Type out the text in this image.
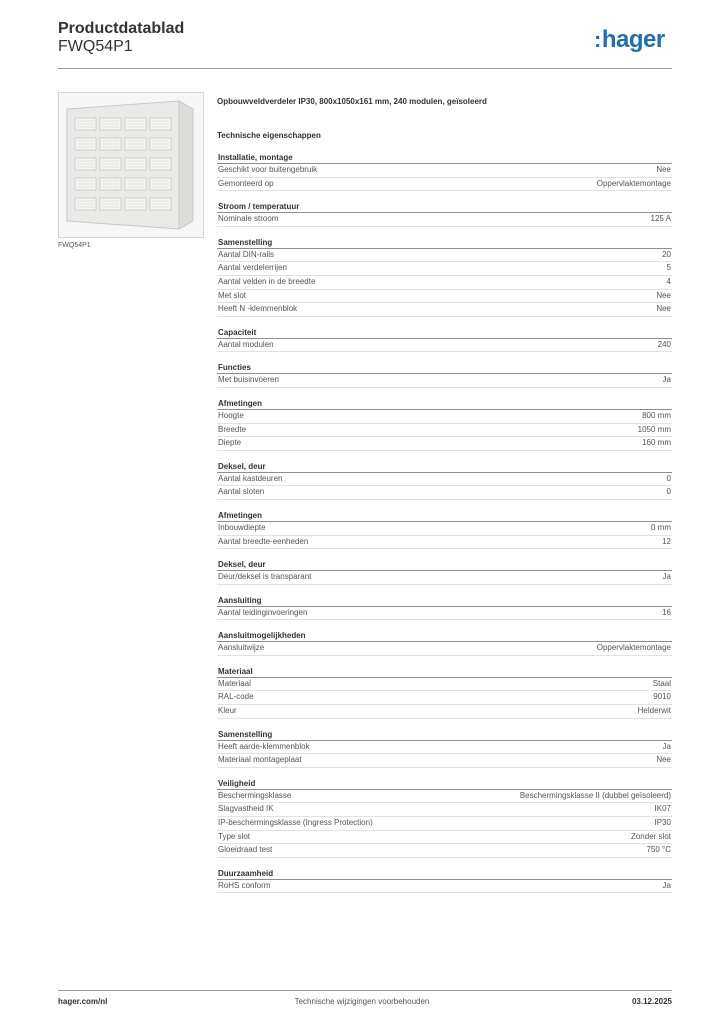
Productdatablad
FWQ54P1	:hager
FWQ54P1
Opbouwveldverdeler IP30, 800x1050x161 mm, 240 modulen, geïsoleerd
Technische eigenschappen
Installatie, montage
Geschikt voor buitengebruik	Nee
Gemonteerd op	Oppervlaktemontage
Stroom / temperatuur
Nominale stroom	125 A
Samenstelling
Aantal DIN-rails	20
Aantal verdelerrijen	5
Aantal velden in de breedte	4
Met slot	Nee
Heeft N -klemmenblok	Nee
Capaciteit
Aantal modulen	240
Functies
Met buisinvoeren	Ja
Afmetingen
Hoogte	800 mm
Breedte	1050 mm
Diepte	160 mm
Deksel, deur
Aantal kastdeuren	0
Aantal sloten	0
Afmetingen
Inbouwdiepte	0 mm
Aantal breedte-eenheden	12
Deksel, deur
Deur/deksel is transparant	Ja
Aansluiting
Aantal leidinginvoeringen	16
Aansluitmogelijkheden
Aansluitwijze	Oppervlaktemontage
Materiaal
Materiaal	Staal
RAL-code	9010
Kleur	Helderwit
Samenstelling
Heeft aarde-klemmenblok	Ja
Materiaal montageplaat	Nee
Veiligheid
Beschermingsklasse	Beschermingsklasse II (dubbel geïsoleerd)
Slagvastheid IK	IK07
IP-beschermingsklasse (Ingress Protection)	IP30
Type slot	Zonder slot
Gloeidraad test	750 °C
Duurzaamheid
RoHS conform	Ja
hager.com/nl	Technische wijzigingen voorbehouden	03.12.2025
